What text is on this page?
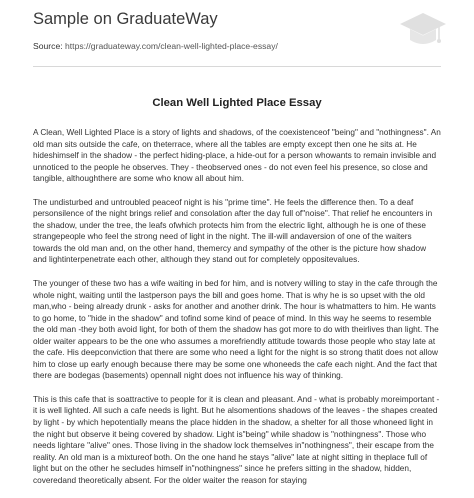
Sample on GraduateWay
Source: https://graduateway.com/clean-well-lighted-place-essay/
Clean Well Lighted Place Essay

A Clean, Well Lighted Place is a story of lights and shadows, of the coexistenceof "being" and "nothingness". An old man sits outside the cafe, on theterrace, where all the tables are empty except then one he sits at. He hideshimself in the shadow - the perfect hiding-place, a hide-out for a person whowants to remain invisible and unnoticed to the people he observes. They - theobserved ones - do not even feel his presence, so close and tangible, althoughthere are some who know all about him.

The undisturbed and untroubled peaceof night is his "prime time". He feels the difference then. To a deaf personsilence of the night brings relief and consolation after the day full of"noise". That relief he encounters in the shadow, under the tree, the leafs ofwhich protects him from the electric light, although he is one of these strangepeople who feel the strong need of light in the night. The ill-will andaversion of one of the waiters towards the old man and, on the other hand, themercy and sympathy of the other is the picture how shadow and lightinterpenetrate each other, although they stand out for completely oppositevalues.

The younger of these two has a wife waiting in bed for him, and is notvery willing to stay in the cafe through the whole night, waiting until the lastperson pays the bill and goes home. That is why he is so upset with the old man,who - being already drunk - asks for another and another drink. The hour is whatmatters to him. He wants to go home, to "hide in the shadow" and tofind some kind of peace of mind. In this way he seems to resemble the old man -they both avoid light, for both of them the shadow has got more to do with theirlives than light. The older waiter appears to be the one who assumes a morefriendly attitude towards those people who stay late at the cafe. His deepconviction that there are some who need a light for the night is so strong thatit does not allow him to close up early enough because there may be some one whoneeds the cafe each night. And the fact that there are bodegas (basements) opennall night does not influence his way of thinking.

This is this cafe that is soattractive to people for it is clean and pleasant. And - what is probably moreimportant - it is well lighted. All such a cafe needs is light. But he alsomentions shadows of the leaves - the shapes created by light - by which hepotentially means the place hidden in the shadow, a shelter for all those whoneed light in the night but observe it being covered by shadow. Light is"being" while shadow is "nothingness". Those who needs lightare "alive" ones. Those living in the shadow lock themselves in"nothingness", their escape from the reality. An old man is a mixtureof both. On the one hand he stays "alive" late at night sitting in theplace full of light but on the other he secludes himself in"nothingness" since he prefers sitting in the shadow, hidden, coveredand theoretically absent. For the older waiter the reason for staying
